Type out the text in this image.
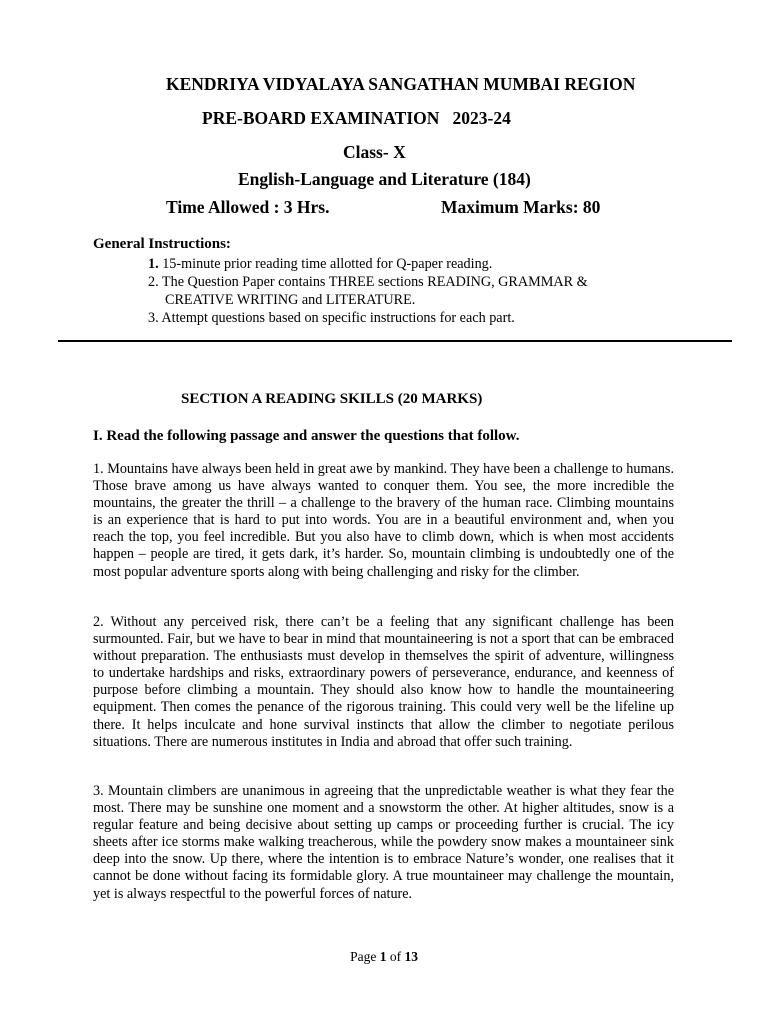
KENDRIYA VIDYALAYA SANGATHAN MUMBAI REGION
PRE-BOARD EXAMINATION   2023-24
Class- X
English-Language and Literature (184)
Time Allowed : 3 Hrs.	Maximum Marks: 80
General Instructions:

1. 15-minute prior reading time allotted for Q-paper reading.

2. The Question Paper contains THREE sections READING, GRAMMAR &

CREATIVE WRITING and LITERATURE.

3. Attempt questions based on specific instructions for each part.

SECTION A READING SKILLS (20 MARKS)
I. Read the following passage and answer the questions that follow.

1. Mountains have always been held in great awe by mankind. They have been a challenge to humans. Those brave among us have always wanted to conquer them. You see, the more incredible the mountains, the greater the thrill – a challenge to the bravery of the human race. Climbing mountains is an experience that is hard to put into words. You are in a beautiful environment and, when you reach the top, you feel incredible. But you also have to climb down, which is when most accidents happen – people are tired, it gets dark, it’s harder. So, mountain climbing is undoubtedly one of the most popular adventure sports along with being challenging and risky for the climber.

2. Without any perceived risk, there can’t be a feeling that any significant challenge has been surmounted. Fair, but we have to bear in mind that mountaineering is not a sport that can be embraced without preparation. The enthusiasts must develop in themselves the spirit of adventure, willingness to undertake hardships and risks, extraordinary powers of perseverance, endurance, and keenness of purpose before climbing a mountain. They should also know how to handle the mountaineering equipment. Then comes the penance of the rigorous training. This could very well be the lifeline up there. It helps inculcate and hone survival instincts that allow the climber to negotiate perilous situations. There are numerous institutes in India and abroad that offer such training.

3. Mountain climbers are unanimous in agreeing that the unpredictable weather is what they fear the most. There may be sunshine one moment and a snowstorm the other. At higher altitudes, snow is a regular feature and being decisive about setting up camps or proceeding further is crucial. The icy sheets after ice storms make walking treacherous, while the powdery snow makes a mountaineer sink deep into the snow. Up there, where the intention is to embrace Nature’s wonder, one realises that it cannot be done without facing its formidable glory. A true mountaineer may challenge the mountain, yet is always respectful to the powerful forces of nature.

Page 1 of 13
